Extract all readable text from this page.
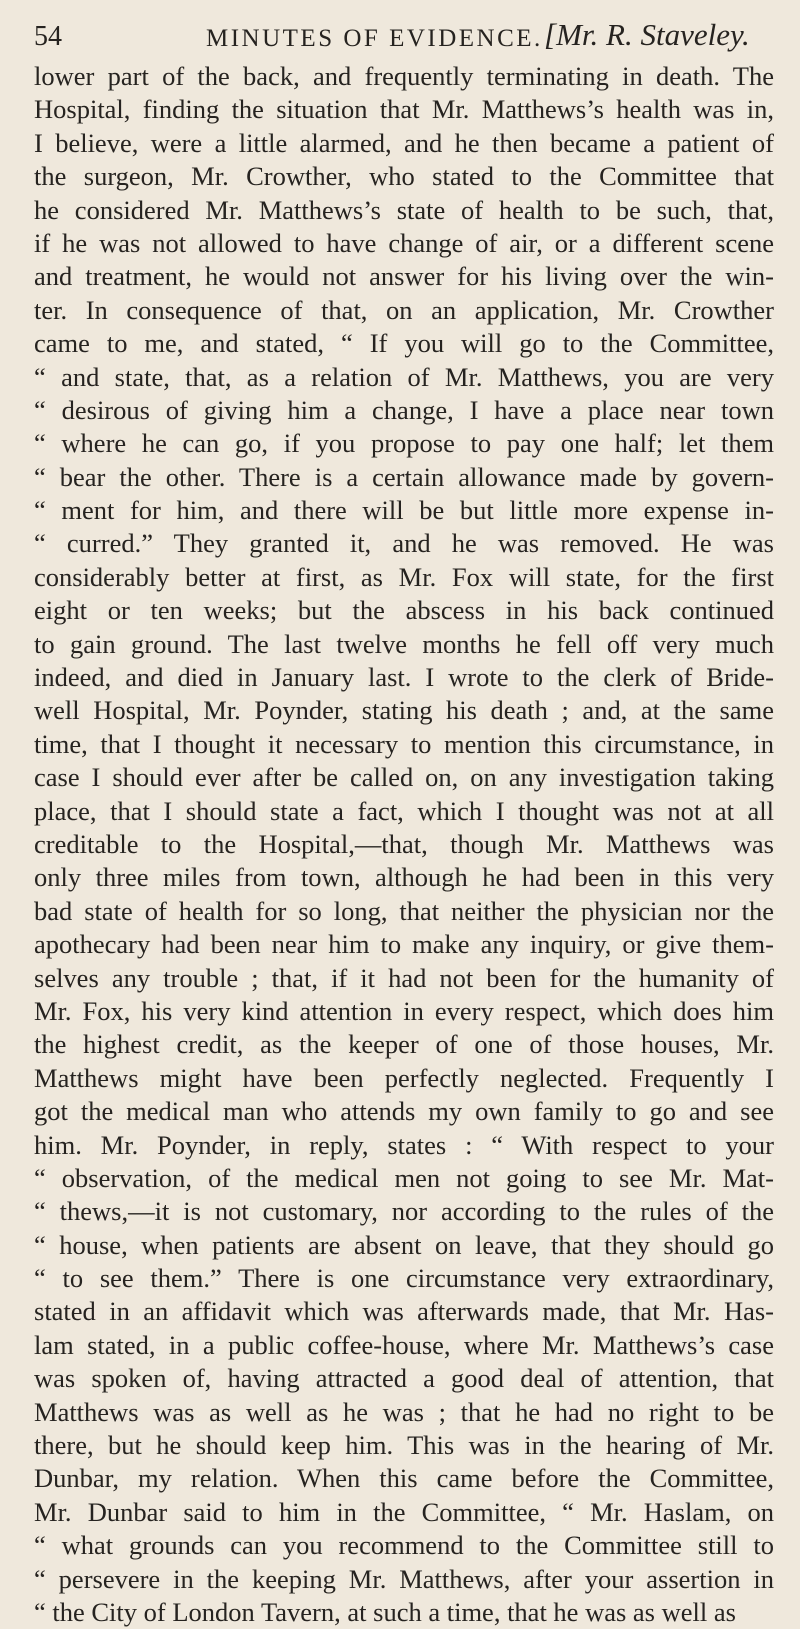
54	MINUTES OF EVIDENCE. [Mr. R. Staveley.
lower part of the back, and frequently terminating in death. The
Hospital, finding the situation that Mr. Matthews’s health was in,
I believe, were a little alarmed, and he then became a patient of
the surgeon, Mr. Crowther, who stated to the Committee that
he considered Mr. Matthews’s state of health to be such, that,
if he was not allowed to have change of air, or a different scene
and treatment, he would not answer for his living over the win-
ter. In consequence of that, on an application, Mr. Crowther
came to me, and stated, “ If you will go to the Committee,
“ and state, that, as a relation of Mr. Matthews, you are very
“ desirous of giving him a change, I have a place near town
“ where he can go, if you propose to pay one half; let them
“ bear the other. There is a certain allowance made by govern-
“ ment for him, and there will be but little more expense in-
“ curred.” They granted it, and he was removed. He was
considerably better at first, as Mr. Fox will state, for the first
eight or ten weeks; but the abscess in his back continued
to gain ground. The last twelve months he fell off very much
indeed, and died in January last. I wrote to the clerk of Bride-
well Hospital, Mr. Poynder, stating his death ; and, at the same
time, that I thought it necessary to mention this circumstance, in
case I should ever after be called on, on any investigation taking
place, that I should state a fact, which I thought was not at all
creditable to the Hospital,—that, though Mr. Matthews was
only three miles from town, although he had been in this very
bad state of health for so long, that neither the physician nor the
apothecary had been near him to make any inquiry, or give them-
selves any trouble ; that, if it had not been for the humanity of
Mr. Fox, his very kind attention in every respect, which does him
the highest credit, as the keeper of one of those houses, Mr.
Matthews might have been perfectly neglected. Frequently I
got the medical man who attends my own family to go and see
him. Mr. Poynder, in reply, states : “ With respect to your
“ observation, of the medical men not going to see Mr. Mat-
“ thews,—it is not customary, nor according to the rules of the
“ house, when patients are absent on leave, that they should go
“ to see them.” There is one circumstance very extraordinary,
stated in an affidavit which was afterwards made, that Mr. Has-
lam stated, in a public coffee-house, where Mr. Matthews’s case
was spoken of, having attracted a good deal of attention, that
Matthews was as well as he was ; that he had no right to be
there, but he should keep him. This was in the hearing of Mr.
Dunbar, my relation. When this came before the Committee,
Mr. Dunbar said to him in the Committee, “ Mr. Haslam, on
“ what grounds can you recommend to the Committee still to
“ persevere in the keeping Mr. Matthews, after your assertion in
“ the City of London Tavern, at such a time, that he was as well as
